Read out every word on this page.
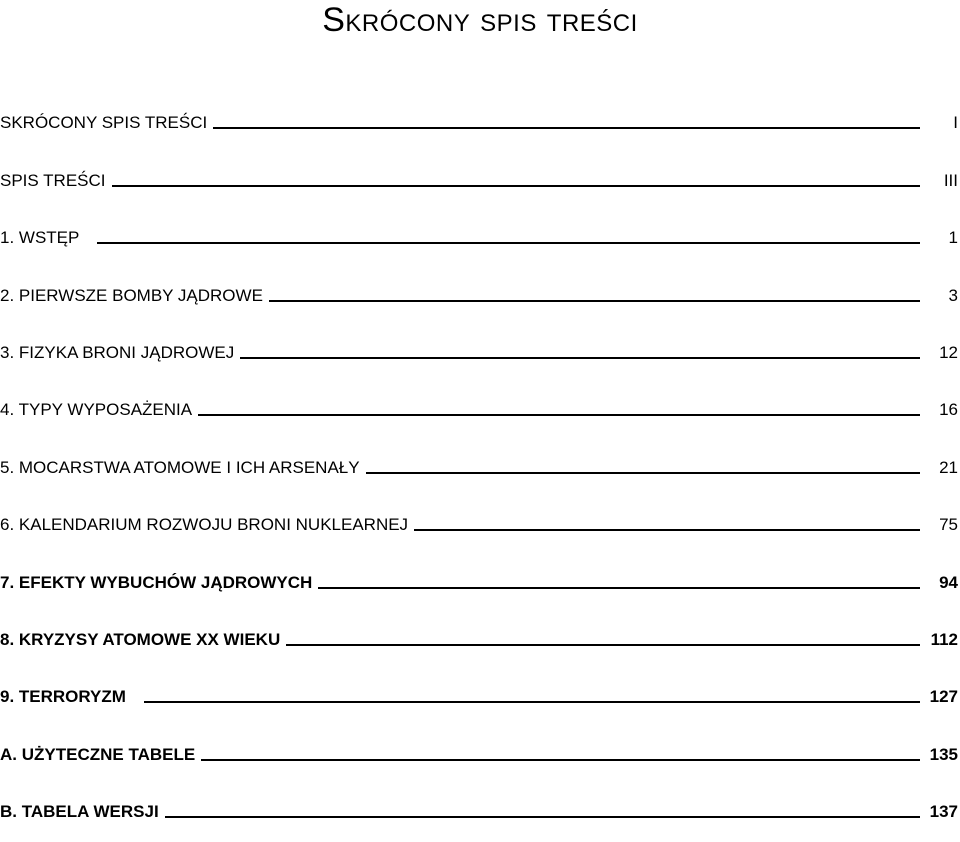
Skrócony spis treści
SKRÓCONY SPIS TREŚCI	I
SPIS TREŚCI	III
1. WSTĘP	1
2. PIERWSZE BOMBY JĄDROWE	3
3. FIZYKA BRONI JĄDROWEJ	12
4. TYPY WYPOSAŻENIA	16
5. MOCARSTWA ATOMOWE I ICH ARSENAŁY	21
6. KALENDARIUM ROZWOJU BRONI NUKLEARNEJ	75
7. EFEKTY WYBUCHÓW JĄDROWYCH	94
8. KRYZYSY ATOMOWE XX WIEKU	112
9. TERRORYZM	127
A. UŻYTECZNE TABELE	135
B. TABELA WERSJI	137
